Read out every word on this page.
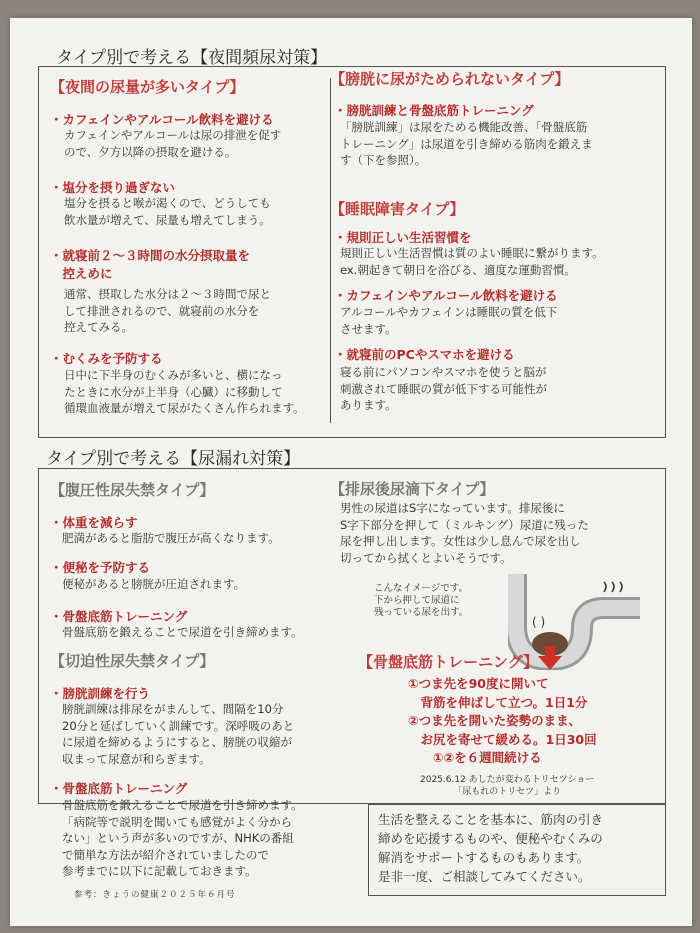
タイプ別で考える【夜間頻尿対策】
【夜間の尿量が多いタイプ】
・カフェインやアルコール飲料を避ける
カフェインやアルコールは尿の排泄を促す
ので、夕方以降の摂取を避ける。
・塩分を摂り過ぎない
塩分を摂ると喉が渇くので、どうしても
飲水量が増えて、尿量も増えてしまう。
・就寝前２～３時間の水分摂取量を
　控えめに
通常、摂取した水分は２～３時間で尿と
して排泄されるので、就寝前の水分を
控えてみる。
・むくみを予防する
日中に下半身のむくみが多いと、横になっ
たときに水分が上半身（心臓）に移動して
循環血液量が増えて尿がたくさん作られます。
【膀胱に尿がためられないタイプ】
・膀胱訓練と骨盤底筋トレーニング
「膀胱訓練」は尿をためる機能改善、「骨盤底筋
トレーニング」は尿道を引き締める筋肉を鍛えま
す（下を参照）。
【睡眠障害タイプ】
・規則正しい生活習慣を
規則正しい生活習慣は質のよい睡眠に繋がります。
ex.朝起きて朝日を浴びる、適度な運動習慣。
・カフェインやアルコール飲料を避ける
アルコールやカフェインは睡眠の質を低下
させます。
・就寝前のPCやスマホを避ける
寝る前にパソコンやスマホを使うと脳が
刺激されて睡眠の質が低下する可能性が
あります。
タイプ別で考える【尿漏れ対策】
【腹圧性尿失禁タイプ】
・体重を減らす
肥満があると脂肪で腹圧が高くなります。
・便秘を予防する
便秘があると膀胱が圧迫されます。
・骨盤底筋トレーニング
骨盤底筋を鍛えることで尿道を引き締めます。
【切迫性尿失禁タイプ】
・膀胱訓練を行う
膀胱訓練は排尿をがまんして、間隔を10分
20分と延ばしていく訓練です。深呼吸のあと
に尿道を締めるようにすると、膀胱の収縮が
収まって尿意が和らぎます。
・骨盤底筋トレーニング
骨盤底筋を鍛えることで尿道を引き締めます。
「病院等で説明を聞いても感覚がよく分から
ない」という声が多いのですが、NHKの番組
で簡単な方法が紹介されていましたので
参考までに以下に記載しておきます。
【排尿後尿滴下タイプ】
男性の尿道はS字になっています。排尿後に
S字下部分を押して（ミルキング）尿道に残った
尿を押し出します。女性は少し息んで尿を出し
切ってから拭くとよいそうです。
こんなイメージです。
下から押して尿道に
残っている尿を出す。
( )
【骨盤底筋トレーニング】
①つま先を90度に開いて
　背筋を伸ばして立つ。1日1分
②つま先を開いた姿勢のまま、
　お尻を寄せて緩める。1日30回
　　①②を６週間続ける
2025.6.12 あしたが変わるトリセツショー
「尿もれのトリセツ」より
生活を整えることを基本に、筋肉の引き
締めを応援するものや、便秘やむくみの
解消をサポートするものもあります。
是非一度、ご相談してみてください。
参考：きょうの健康２０２５年６月号
